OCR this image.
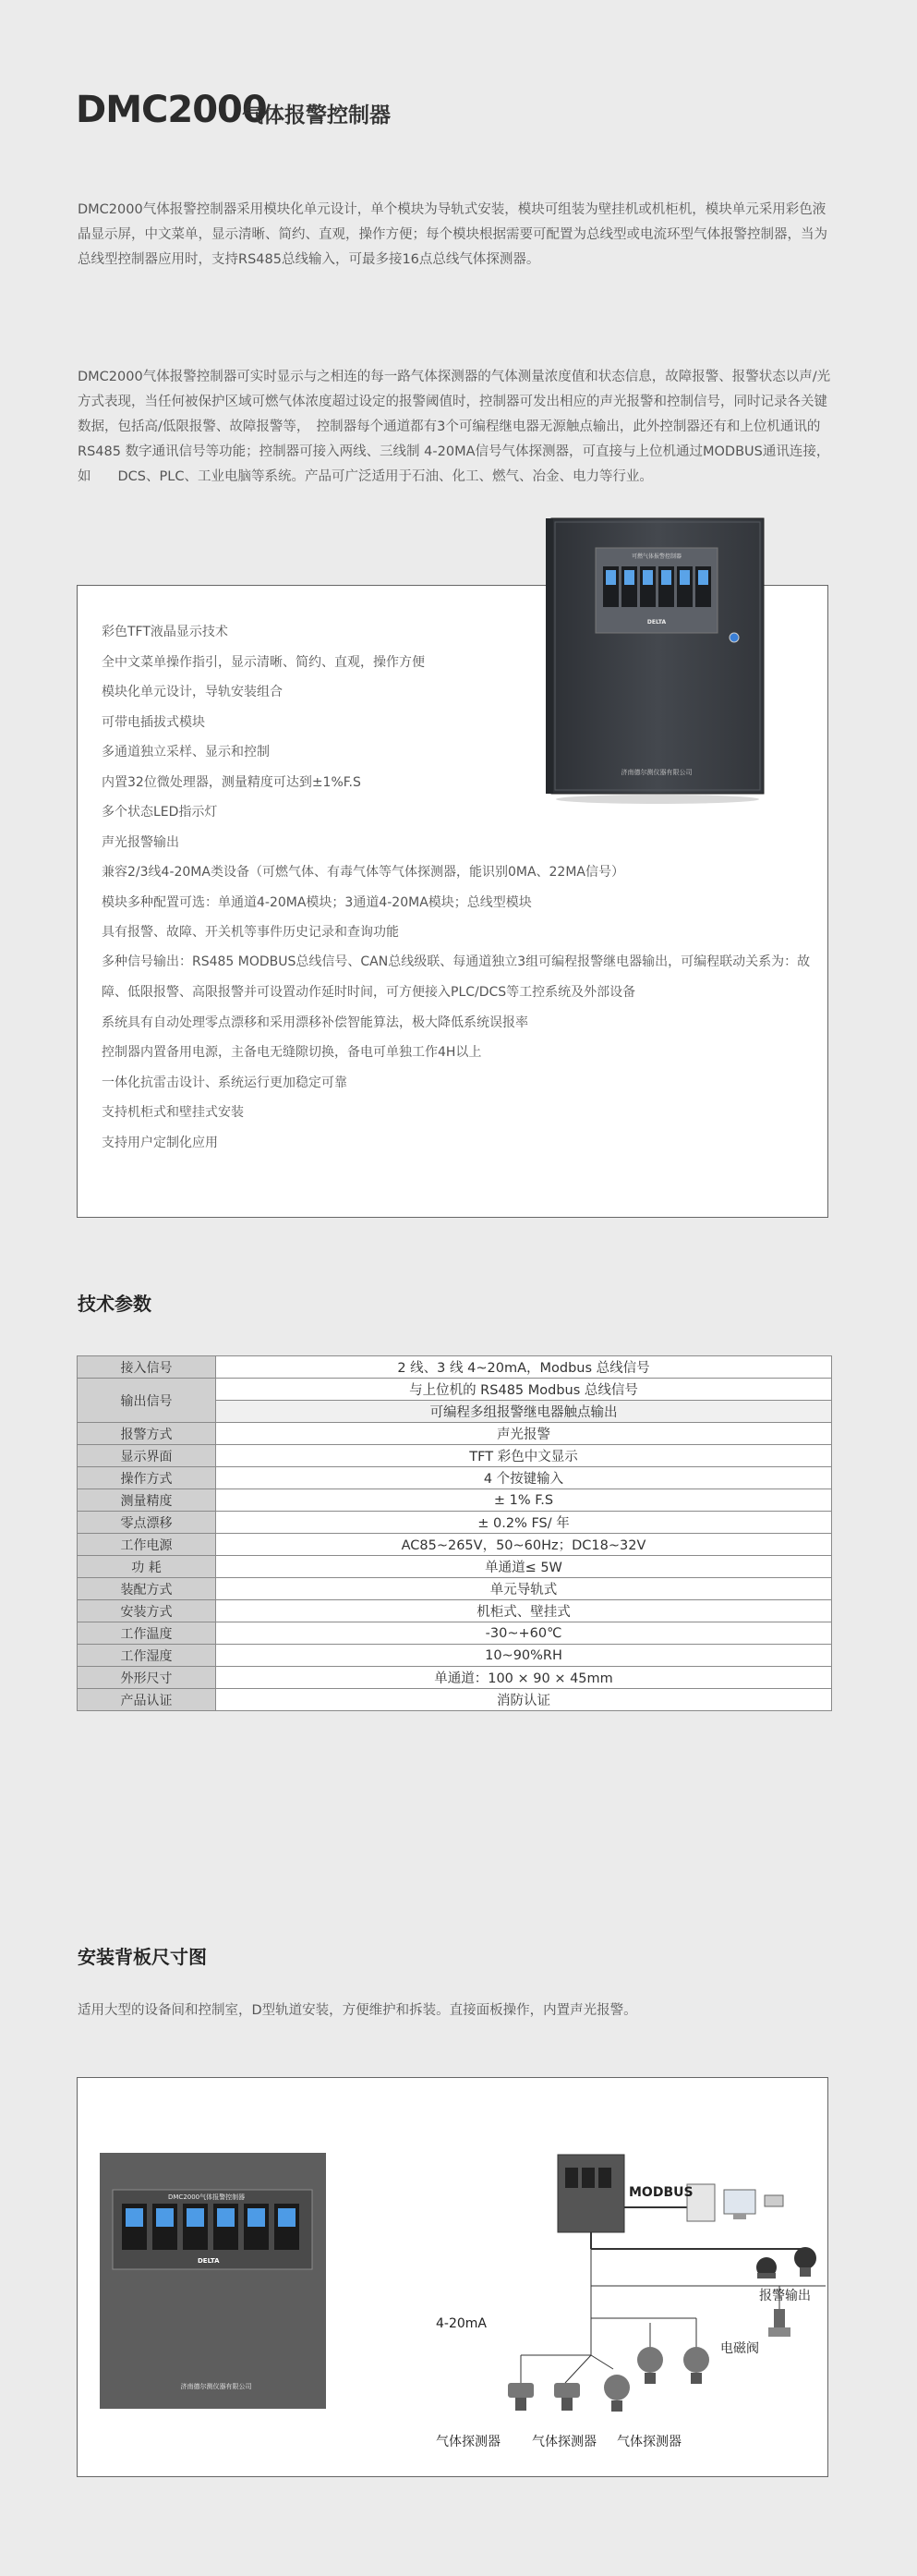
DMC2000
气体报警控制器

DMC2000气体报警控制器采用模块化单元设计，单个模块为导轨式安装，模块可组装为壁挂机或机柜机，模块单元采用彩色液晶显示屏，中文菜单，显示清晰、简约、直观，操作方便；每个模块根据需要可配置为总线型或电流环型气体报警控制器，当为总线型控制器应用时，支持RS485总线输入，可最多接16点总线气体探测器。

DMC2000气体报警控制器可实时显示与之相连的每一路气体探测器的气体测量浓度值和状态信息，故障报警、报警状态以声/光方式表现，当任何被保护区域可燃气体浓度超过设定的报警阈值时，控制器可发出相应的声光报警和控制信号，同时记录各关键数据，包括高/低限报警、故障报警等，　控制器每个通道都有3个可编程继电器无源触点输出，此外控制器还有和上位机通讯的RS485 数字通讯信号等功能；控制器可接入两线、三线制 4-20MA信号气体探测器，可直接与上位机通过MODBUS通讯连接，如　　DCS、PLC、工业电脑等系统。产品可广泛适用于石油、化工、燃气、冶金、电力等行业。

彩色TFT液晶显示技术
全中文菜单操作指引，显示清晰、简约、直观，操作方便
模块化单元设计，导轨安装组合
可带电插拔式模块
多通道独立采样、显示和控制
内置32位微处理器，测量精度可达到±1%F.S
多个状态LED指示灯
声光报警输出
兼容2/3线4-20MA类设备（可燃气体、有毒气体等气体探测器，能识别0MA、22MA信号）
模块多种配置可选：单通道4-20MA模块；3通道4-20MA模块；总线型模块
具有报警、故障、开关机等事件历史记录和查询功能
多种信号输出：RS485 MODBUS总线信号、CAN总线级联、每通道独立3组可编程报警继电器输出，可编程联动关系为：故障、低限报警、高限报警并可设置动作延时时间，可方便接入PLC/DCS等工控系统及外部设备
系统具有自动处理零点漂移和采用漂移补偿智能算法，极大降低系统误报率
控制器内置备用电源，主备电无缝隙切换，备电可单独工作4H以上
一体化抗雷击设计、系统运行更加稳定可靠
支持机柜式和壁挂式安装
支持用户定制化应用
可燃气体报警控制器
DELTA
济南德尔测仪器有限公司
技术参数
接入信号	2 线、3 线 4~20mA，Modbus 总线信号
输出信号	与上位机的 RS485 Modbus 总线信号
	可编程多组报警继电器触点输出
报警方式	声光报警
显示界面	TFT 彩色中文显示
操作方式	4 个按键输入
测量精度	± 1% F.S
零点漂移	± 0.2% FS/ 年
工作电源	AC85~265V，50~60Hz；DC18~32V
功 耗	单通道≤ 5W
装配方式	单元导轨式
安装方式	机柜式、壁挂式
工作温度	-30~+60℃
工作湿度	10~90%RH
外形尺寸	单通道：100 × 90 × 45mm
产品认证	消防认证
安装背板尺寸图
适用大型的设备间和控制室，D型轨道安装，方便维护和拆装。直接面板操作，内置声光报警。
DMC2000气体报警控制器
DELTA
济南德尔测仪器有限公司
MODBUS
4-20mA
报警输出
电磁阀
气体探测器 气体探测器 气体探测器
